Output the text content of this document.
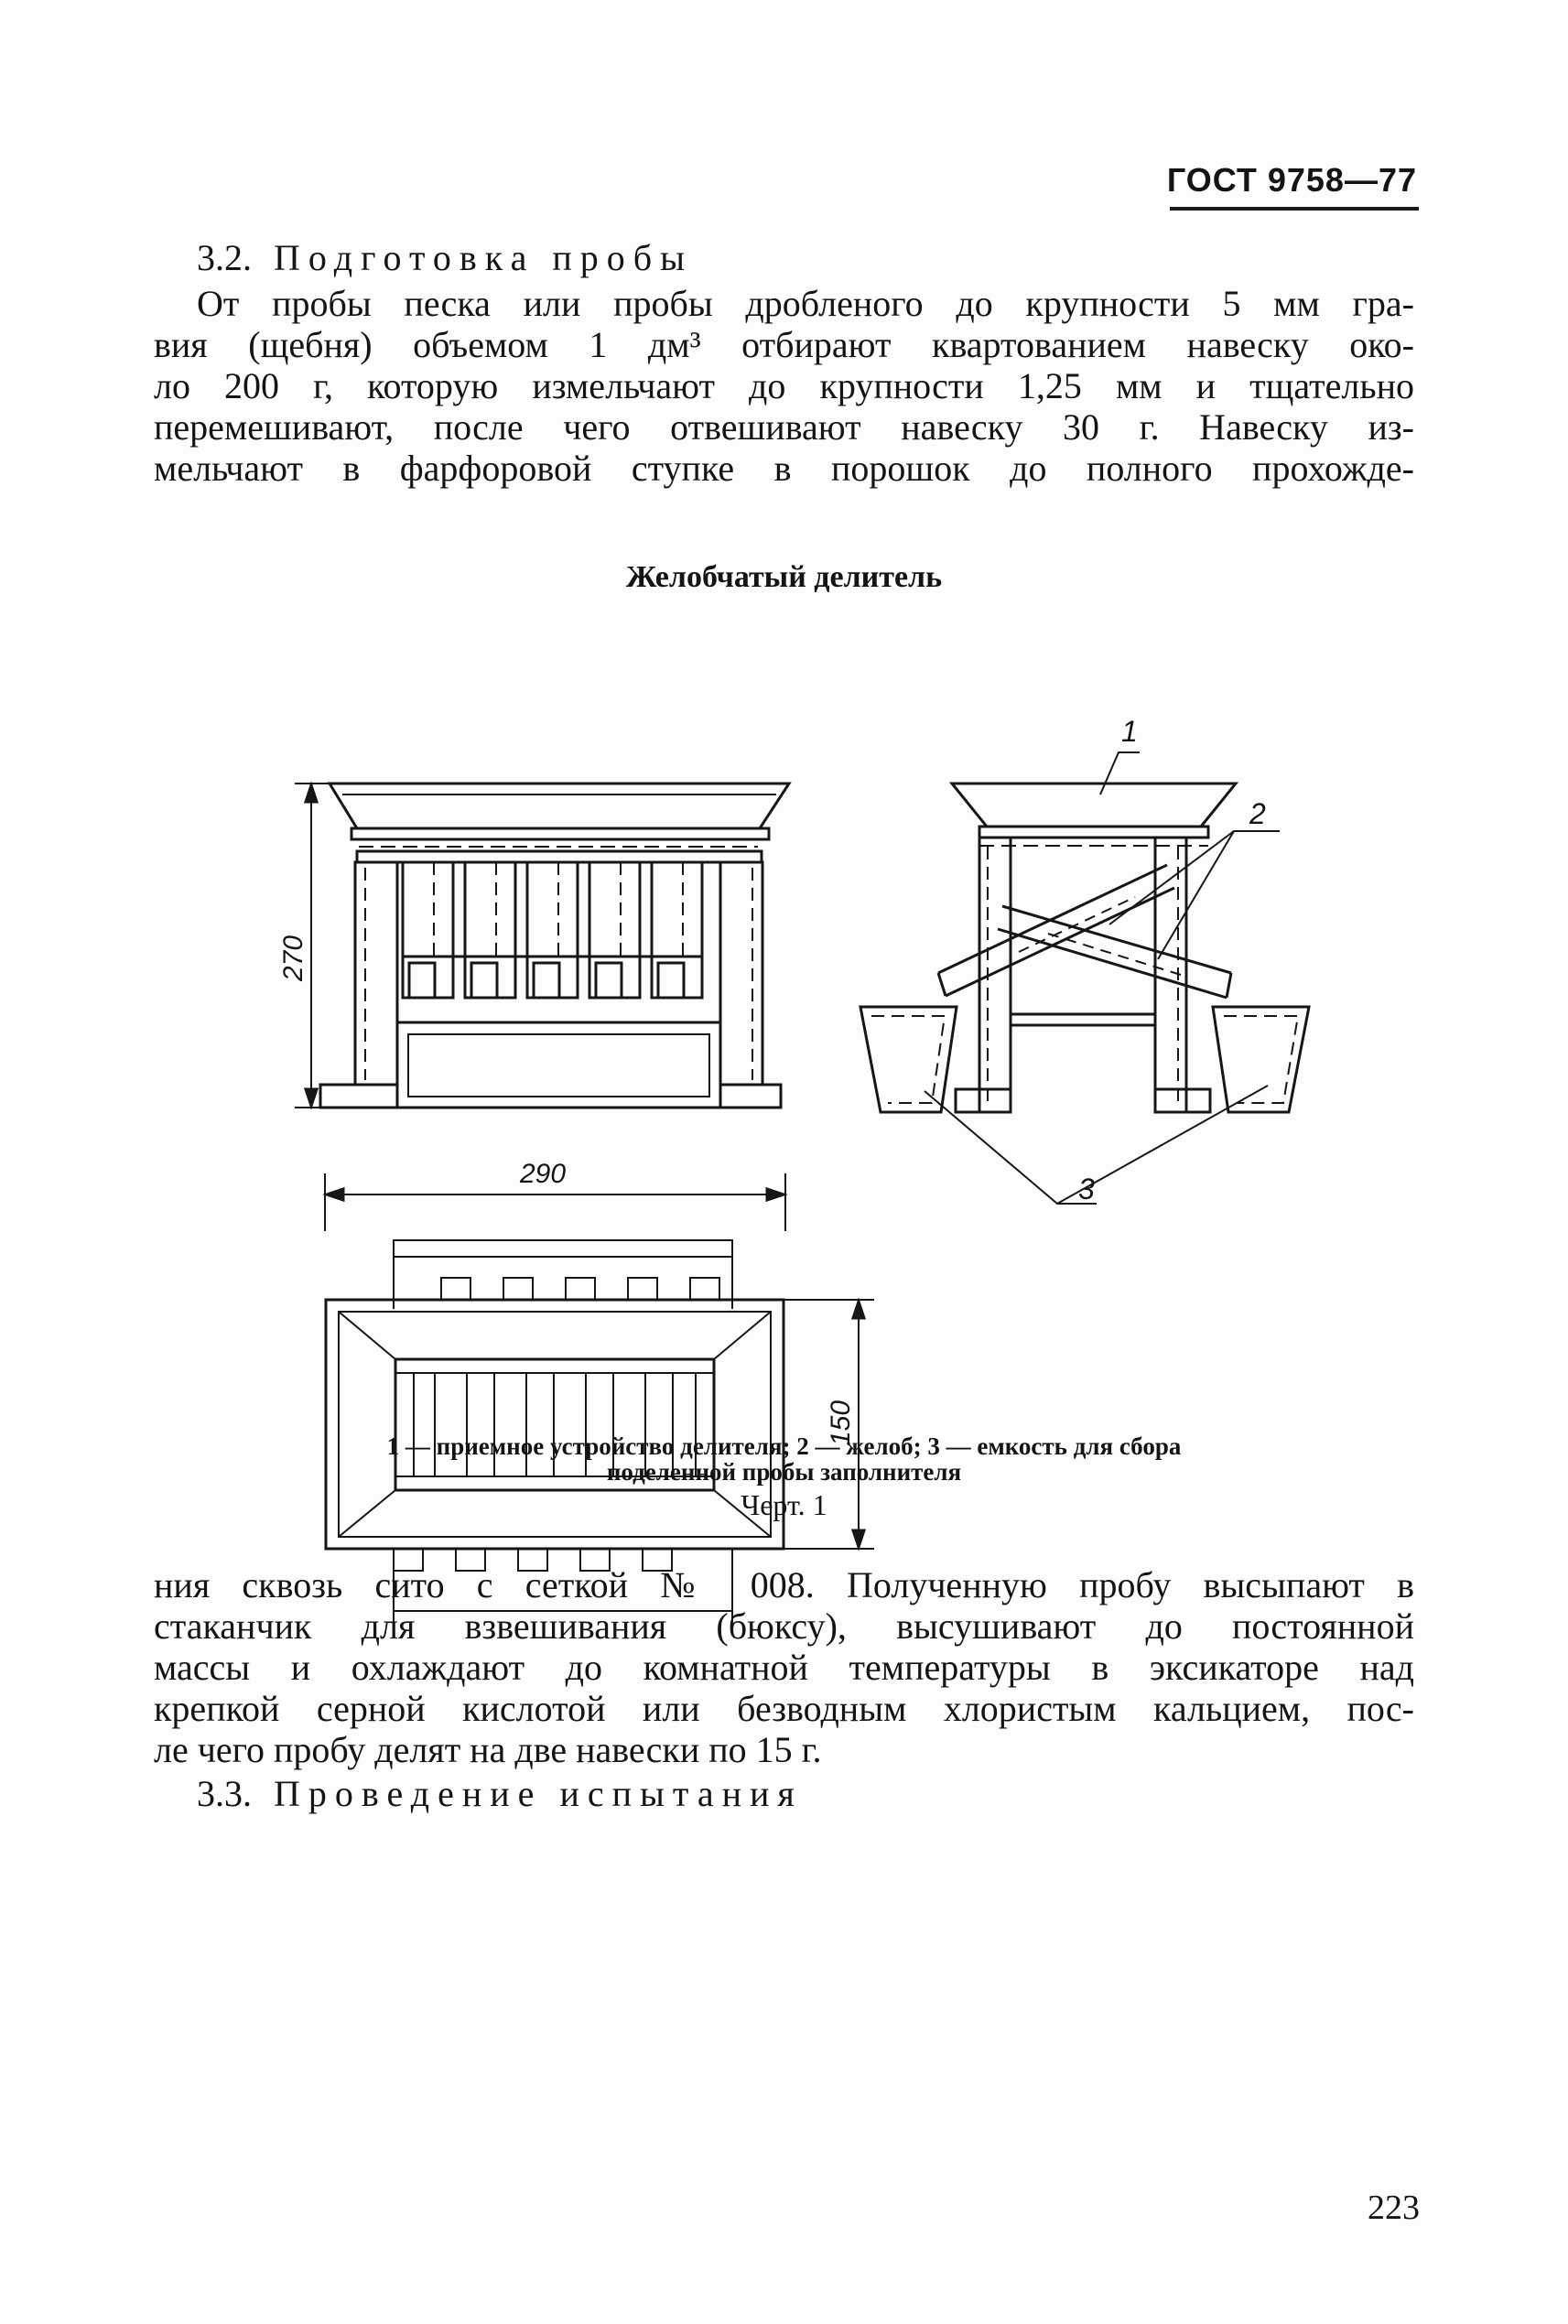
ГОСТ 9758—77
3.2. Подготовка пробы
От пробы песка или пробы дробленого до крупности 5 мм гра-
вия (щебня) объемом 1 дм³ отбирают квартованием навеску око-
ло 200 г, которую измельчают до крупности 1,25 мм и тщательно
перемешивают, после чего отвешивают навеску 30 г. Навеску из-
мельчают в фарфоровой ступке в порошок до полного прохожде-
Желобчатый делитель
270
1
2
3
290
150
1 — приемное устройство делителя; 2 — желоб; 3 — емкость для сбора
поделенной пробы заполнителя
Черт. 1
ния сквозь сито с сеткой № 008. Полученную пробу высыпают в
стаканчик для взвешивания (бюксу), высушивают до постоянной
массы и охлаждают до комнатной температуры в эксикаторе над
крепкой серной кислотой или безводным хлористым кальцием, пос-
ле чего пробу делят на две навески по 15 г.
3.3. Проведение испытания
223
